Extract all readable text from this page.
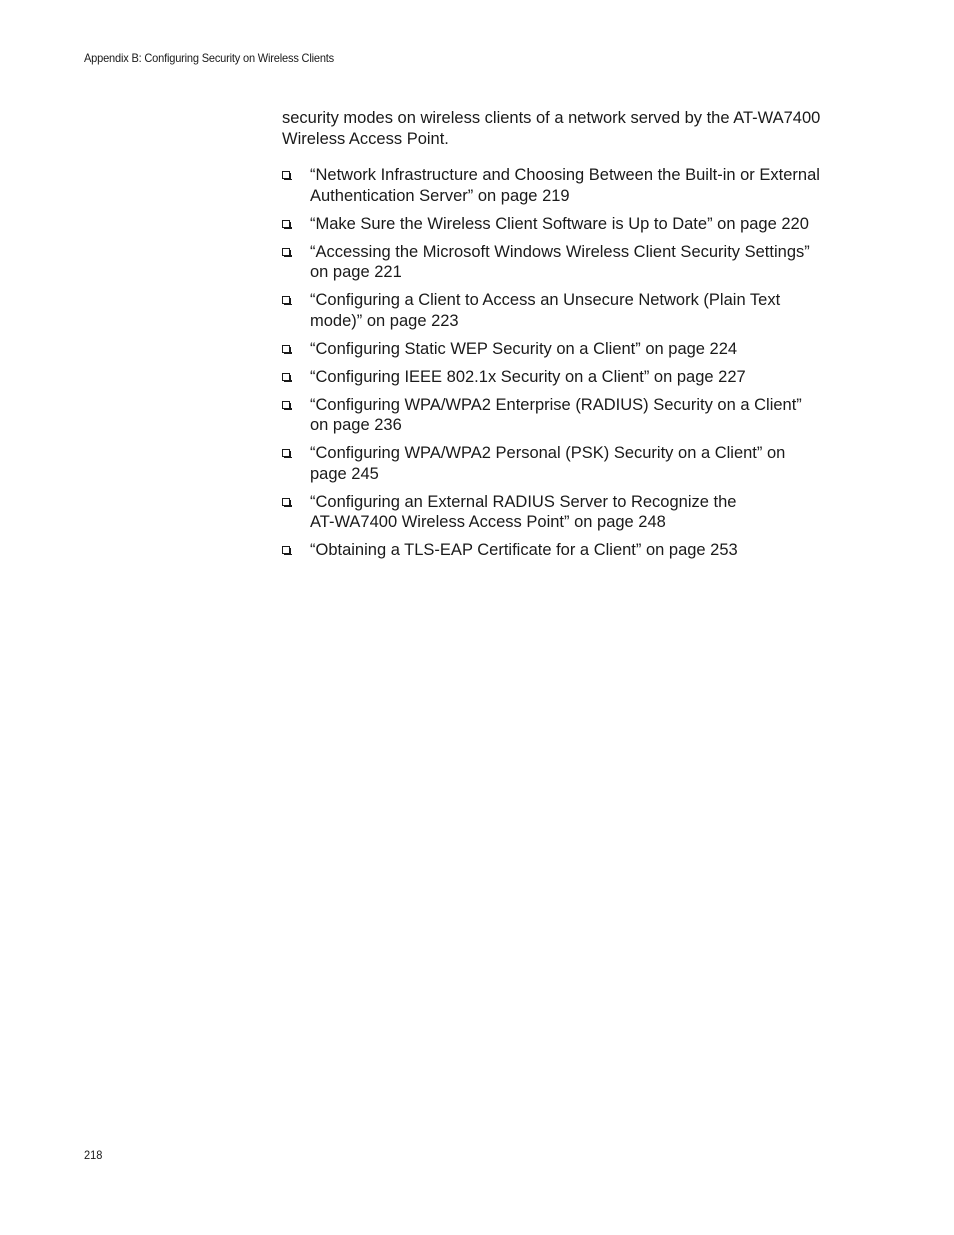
Appendix B: Configuring Security on Wireless Clients

security modes on wireless clients of a network served by the AT-WA7400 Wireless Access Point.

“Network Infrastructure and Choosing Between the Built-in or External
Authentication Server” on page 219
“Make Sure the Wireless Client Software is Up to Date” on page 220
“Accessing the Microsoft Windows Wireless Client Security Settings”
on page 221
“Configuring a Client to Access an Unsecure Network (Plain Text
mode)” on page 223
“Configuring Static WEP Security on a Client” on page 224
“Configuring IEEE 802.1x Security on a Client” on page 227
“Configuring WPA/WPA2 Enterprise (RADIUS) Security on a Client”
on page 236
“Configuring WPA/WPA2 Personal (PSK) Security on a Client” on
page 245
“Configuring an External RADIUS Server to Recognize the
AT-WA7400 Wireless Access Point” on page 248
“Obtaining a TLS-EAP Certificate for a Client” on page 253
218
